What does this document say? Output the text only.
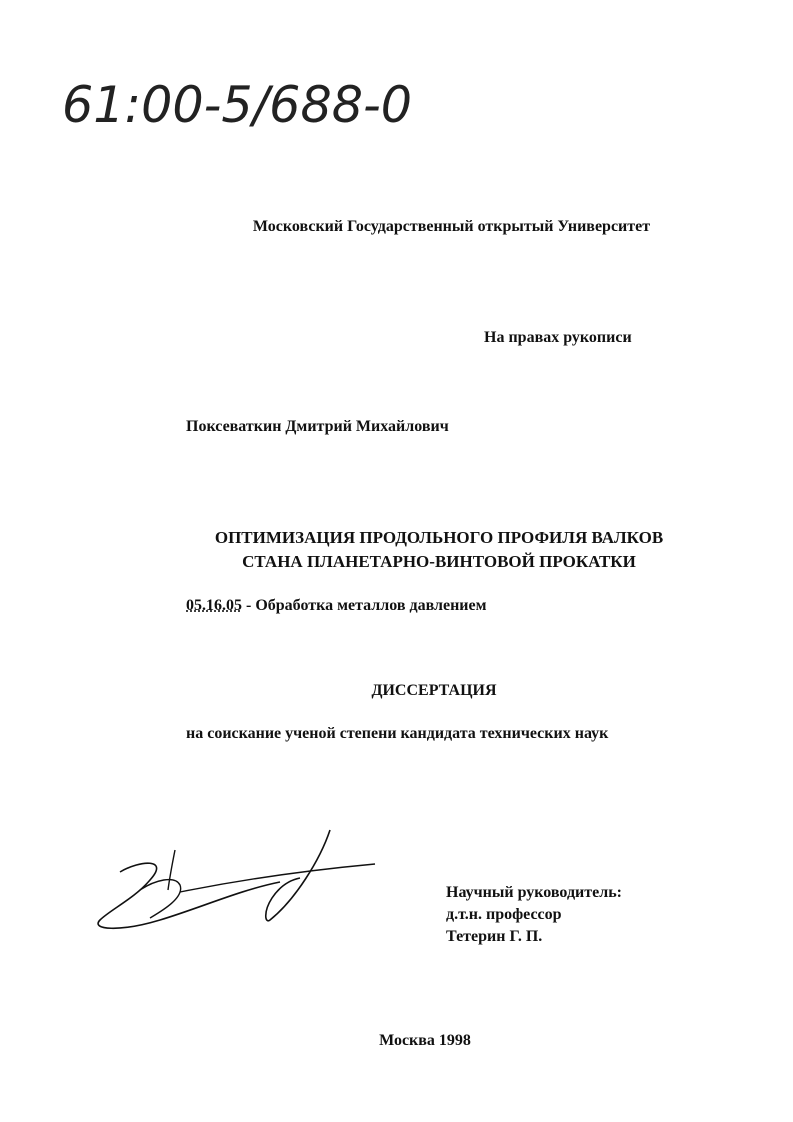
61:00-5/688-0
Московский Государственный открытый Университет
На правах рукописи
Поксеваткин Дмитрий Михайлович
ОПТИМИЗАЦИЯ ПРОДОЛЬНОГО ПРОФИЛЯ ВАЛКОВ
СТАНА ПЛАНЕТАРНО-ВИНТОВОЙ ПРОКАТКИ
05.16.05 - Обработка металлов давлением
ДИССЕРТАЦИЯ
на соискание ученой степени кандидата технических наук
Научный руководитель:
д.т.н. профессор
Тетерин Г. П.
Москва 1998
